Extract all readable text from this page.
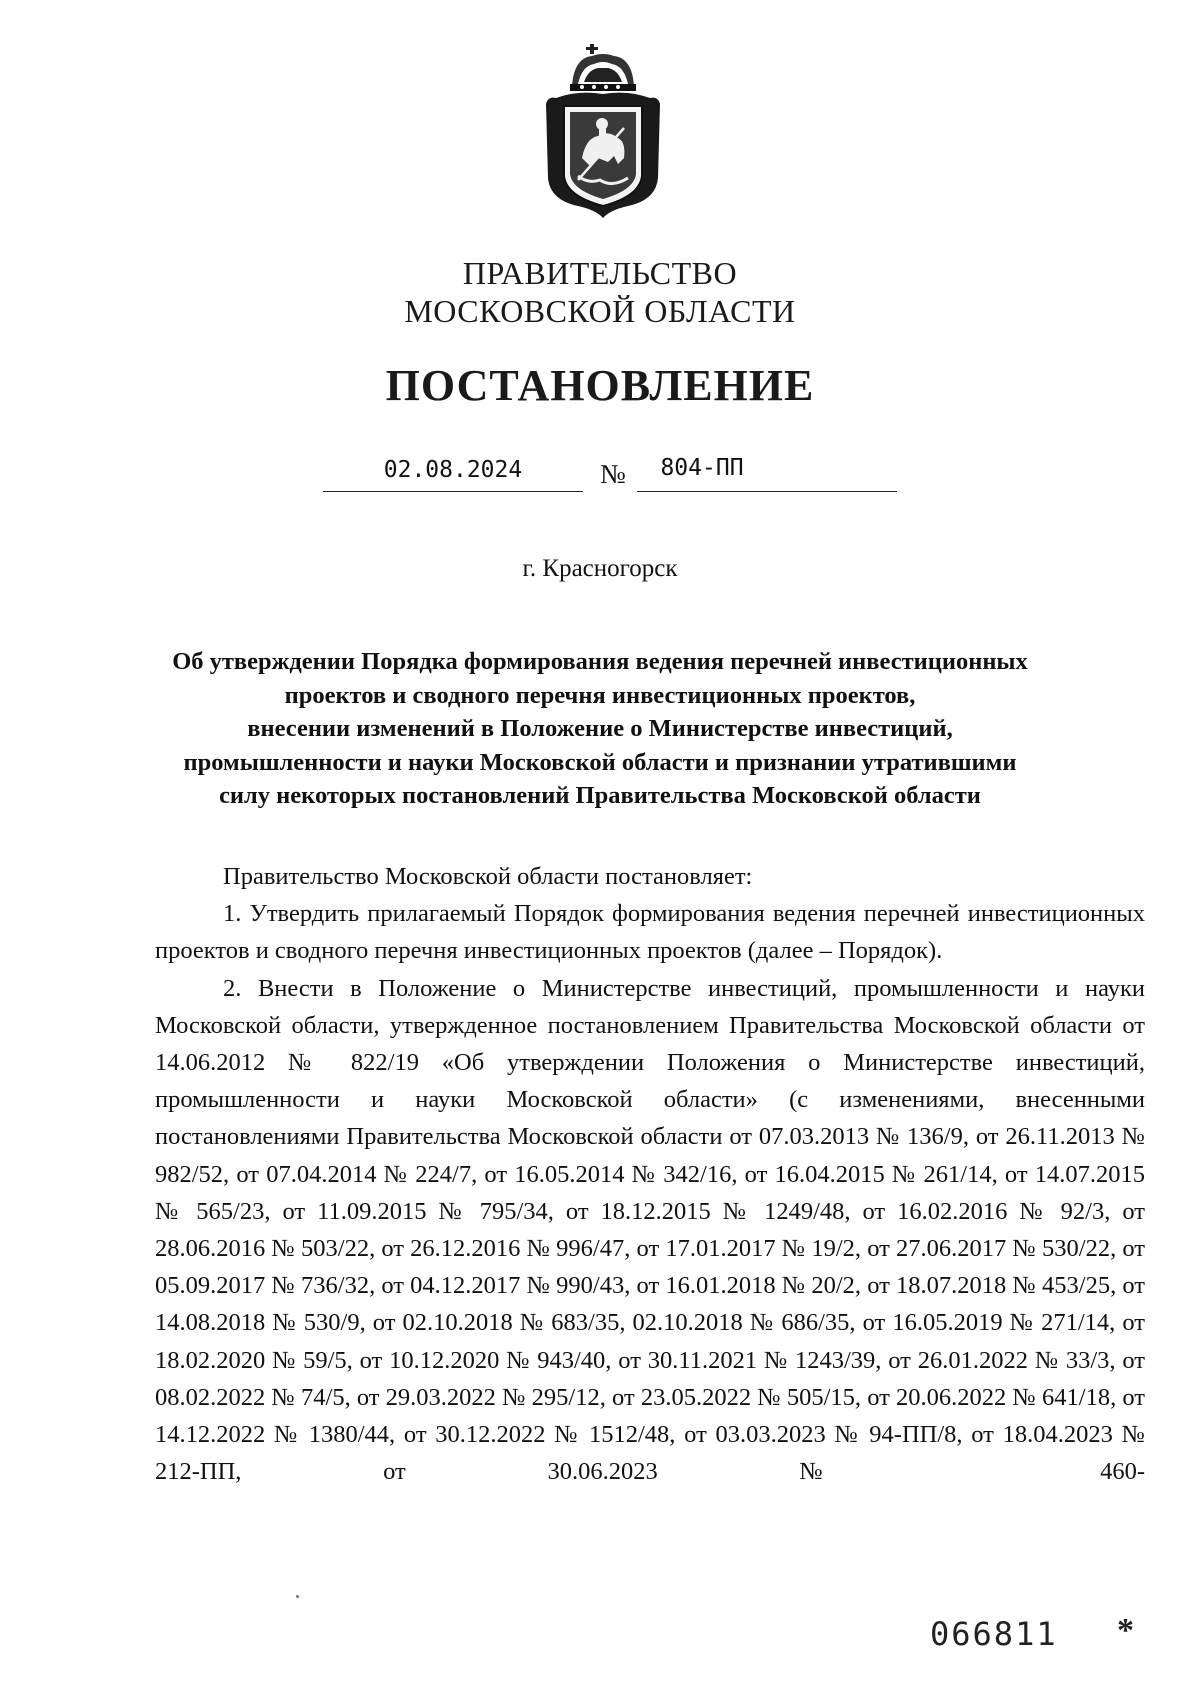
ПРАВИТЕЛЬСТВО
МОСКОВСКОЙ ОБЛАСТИ
ПОСТАНОВЛЕНИЕ
02.08.2024	№	804-ПП
г. Красногорск
Об утверждении Порядка формирования ведения перечней инвестиционных
проектов и сводного перечня инвестиционных проектов,
внесении изменений в Положение о Министерстве инвестиций,
промышленности и науки Московской области и признании утратившими
силу некоторых постановлений Правительства Московской области
Правительство Московской области постановляет:
1. Утвердить прилагаемый Порядок формирования ведения перечней инвестиционных проектов и сводного перечня инвестиционных проектов (далее – Порядок).
2. Внести в Положение о Министерстве инвестиций, промышленности и науки Московской области, утвержденное постановлением Правительства Московской области от 14.06.2012 № 822/19 «Об утверждении Положения о Министерстве инвестиций, промышленности и науки Московской области» (с изменениями, внесенными постановлениями Правительства Московской области от 07.03.2013 № 136/9, от 26.11.2013 № 982/52, от 07.04.2014 № 224/7, от 16.05.2014 № 342/16, от 16.04.2015 № 261/14, от 14.07.2015 № 565/23, от 11.09.2015 № 795/34, от 18.12.2015 № 1249/48, от 16.02.2016 № 92/3, от 28.06.2016 № 503/22, от 26.12.2016 № 996/47, от 17.01.2017 № 19/2, от 27.06.2017 № 530/22, от 05.09.2017 № 736/32, от 04.12.2017 № 990/43, от 16.01.2018 № 20/2, от 18.07.2018 № 453/25, от 14.08.2018 № 530/9, от 02.10.2018 № 683/35, 02.10.2018 № 686/35, от 16.05.2019 № 271/14, от 18.02.2020 № 59/5, от 10.12.2020 № 943/40, от 30.11.2021 № 1243/39, от 26.01.2022 № 33/3, от 08.02.2022 № 74/5, от 29.03.2022 № 295/12, от 23.05.2022 № 505/15, от 20.06.2022 № 641/18, от 14.12.2022 № 1380/44, от 30.12.2022 № 1512/48, от 03.03.2023 № 94-ПП/8, от 18.04.2023 № 212-ПП, от 30.06.2023 № 460-
066811 *
